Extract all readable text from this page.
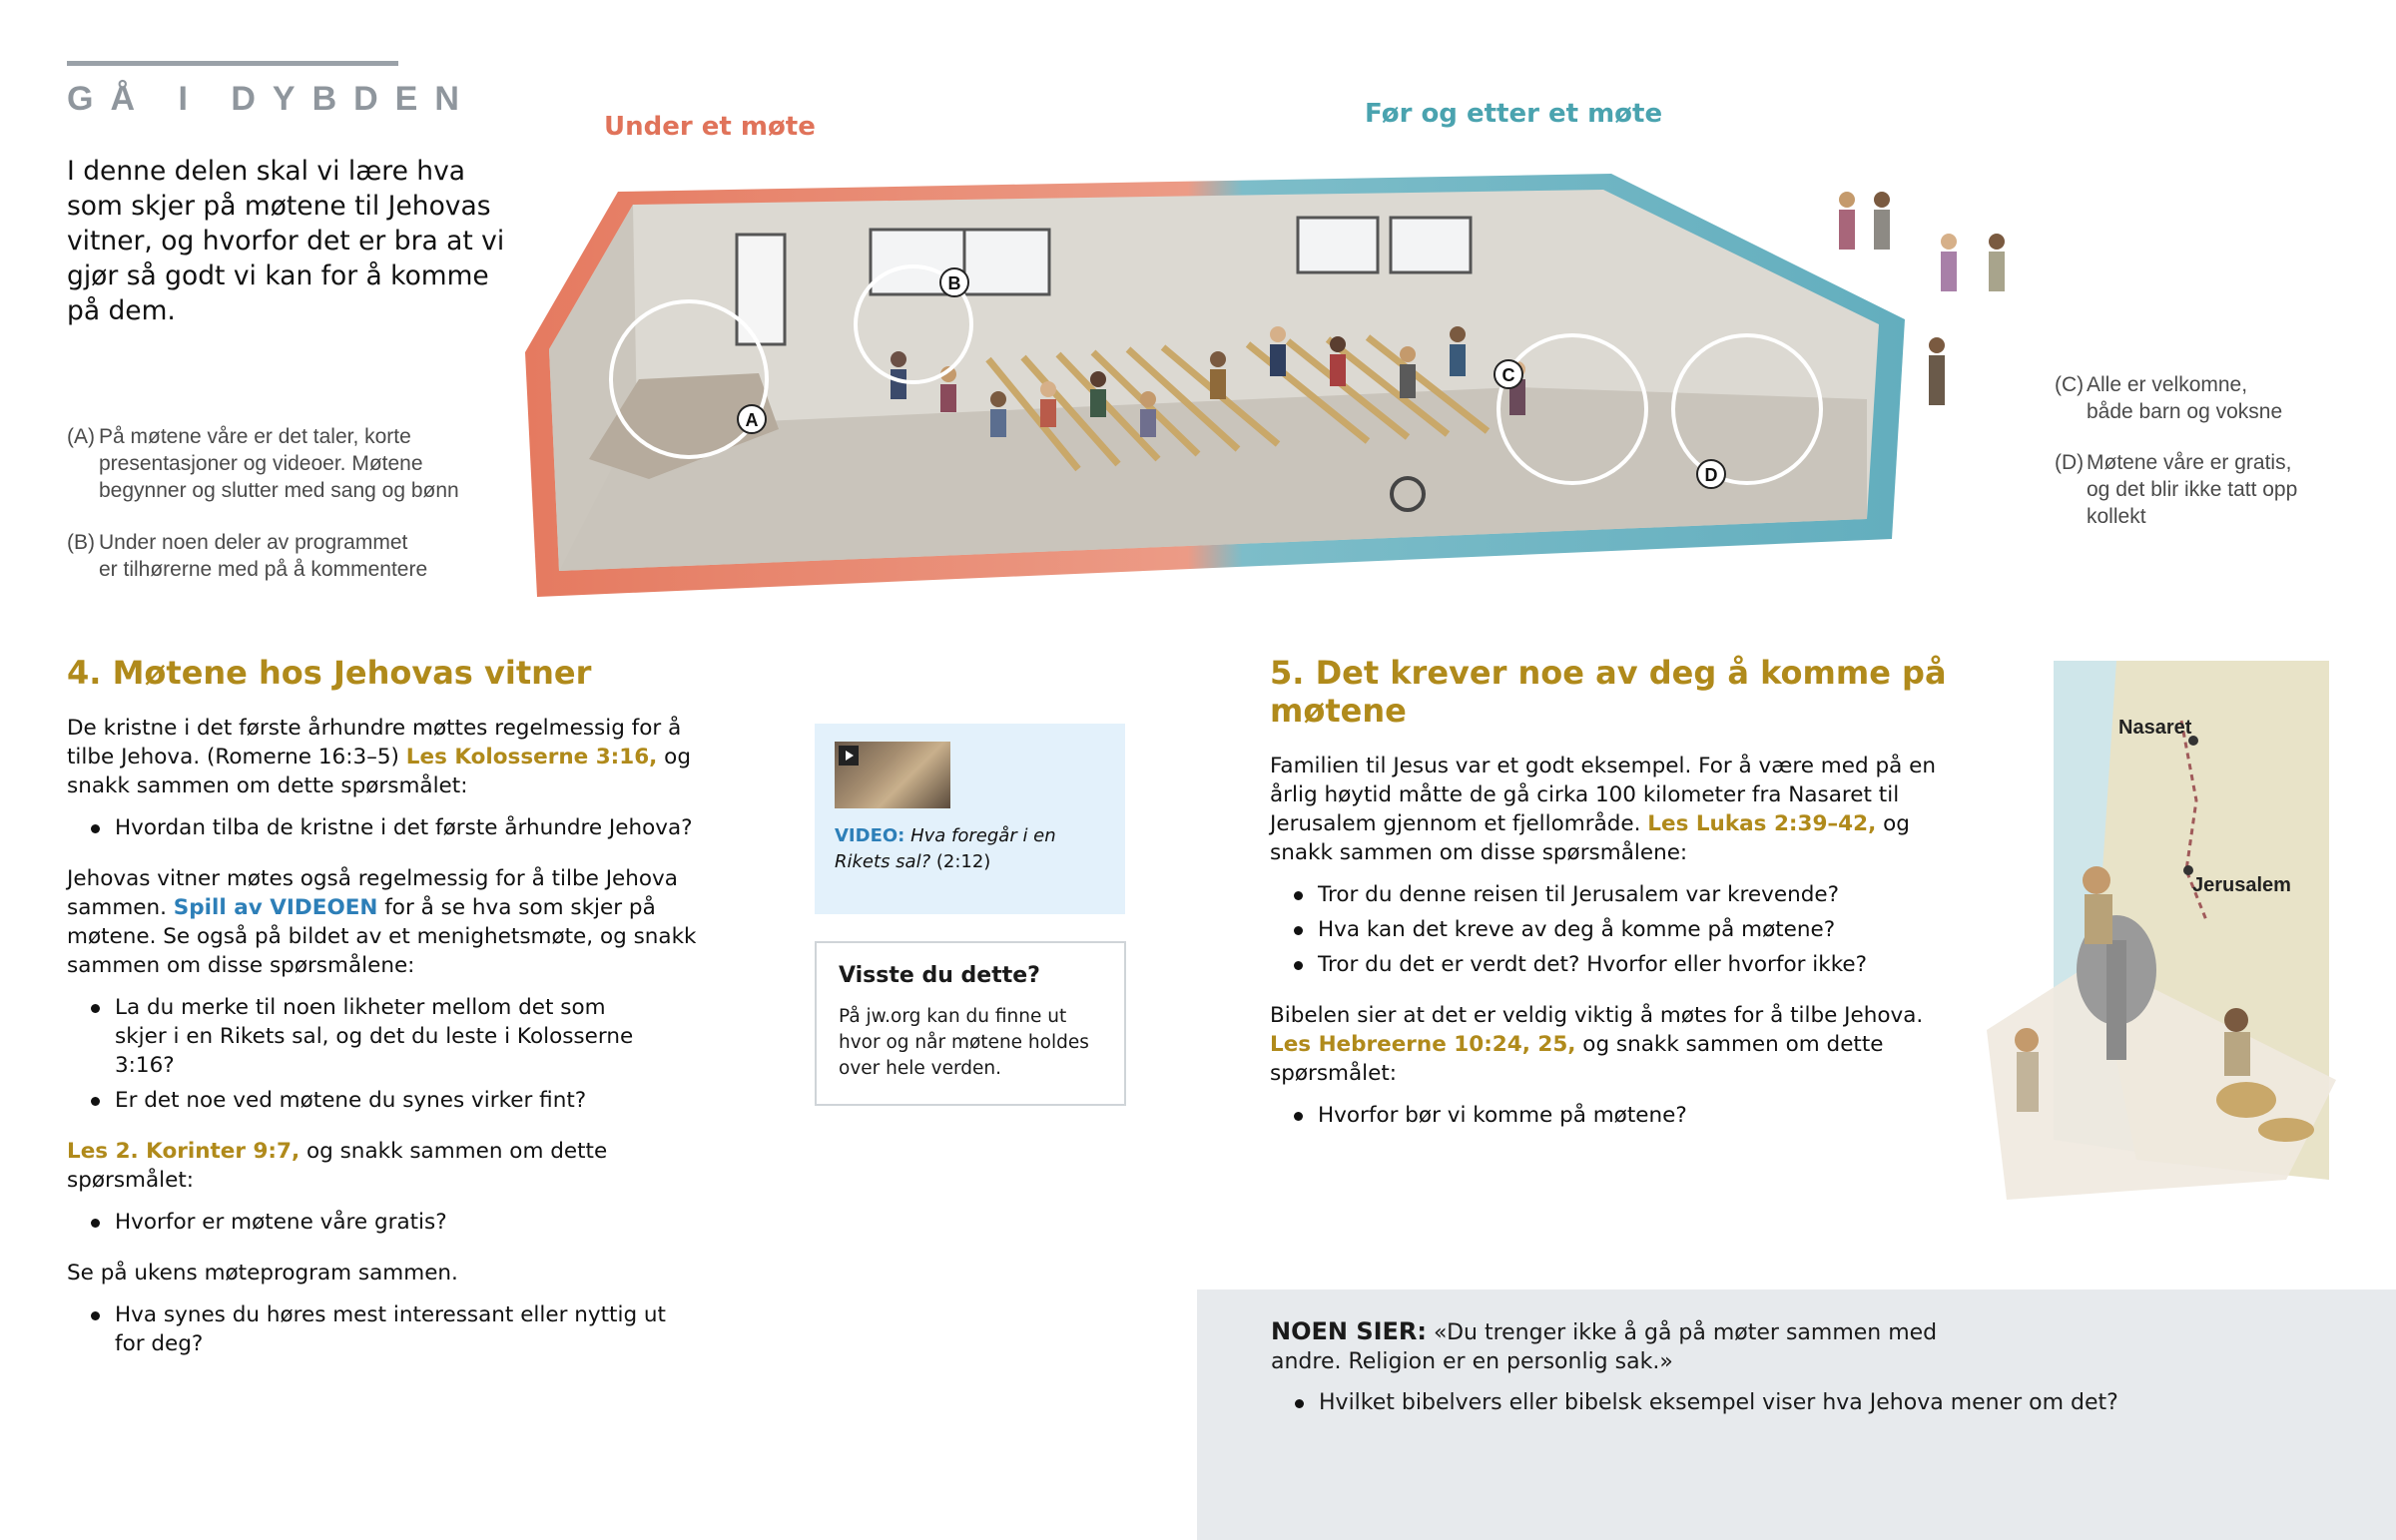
GÅ I DYBDEN
I denne delen skal vi lære hva som skjer på møtene til Jehovas vitner, og hvorfor det er bra at vi gjør så godt vi kan for å komme på dem.
Under et møte	Før og etter et møte
A
B
C
D
(A) På møtene våre er det taler, korte
presentasjoner og videoer. Møtene
begynner og slutter med sang og bønn
(B) Under noen deler av programmet
er tilhørerne med på å kommentere
(C) Alle er velkomne,
både barn og voksne
(D) Møtene våre er gratis,
og det blir ikke tatt opp
kollekt
4. Møtene hos Jehovas vitner

De kristne i det første århundre møttes regelmessig for å tilbe Jehova. (Romerne 16:3–5) Les Kolosserne 3:16, og snakk sammen om dette spørsmålet:

Hvordan tilba de kristne i det første århundre Jehova?

Jehovas vitner møtes også regelmessig for å tilbe Jehova sammen. Spill av VIDEOEN for å se hva som skjer på møtene. Se også på bildet av et menighetsmøte, og snakk sammen om disse spørsmålene:

La du merke til noen likheter mellom det som skjer i en Rikets sal, og det du leste i Kolosserne 3:16?
Er det noe ved møtene du synes virker fint?

Les 2. Korinter 9:7, og snakk sammen om dette spørsmålet:

Hvorfor er møtene våre gratis?

Se på ukens møteprogram sammen.

Hva synes du høres mest interessant eller nyttig ut for deg?
VIDEO: Hva foregår i en Rikets sal? (2:12)
Visste du dette?
På jw.org kan du finne ut hvor og når møtene holdes over hele verden.
5. Det krever noe av deg å komme på møtene

Familien til Jesus var et godt eksempel. For å være med på en årlig høytid måtte de gå cirka 100 kilometer fra Nasaret til Jerusalem gjennom et fjellområde. Les Lukas 2:39–42, og snakk sammen om disse spørsmålene:

Tror du denne reisen til Jerusalem var krevende?
Hva kan det kreve av deg å komme på møtene?
Tror du det er verdt det? Hvorfor eller hvorfor ikke?

Bibelen sier at det er veldig viktig å møtes for å tilbe Jehova. Les Hebreerne 10:24, 25, og snakk sammen om dette spørsmålet:

Hvorfor bør vi komme på møtene?
Nasaret
Jerusalem
NOEN SIER: «Du trenger ikke å gå på møter sammen med andre. Religion er en personlig sak.»
Hvilket bibelvers eller bibelsk eksempel viser hva Jehova mener om det?
